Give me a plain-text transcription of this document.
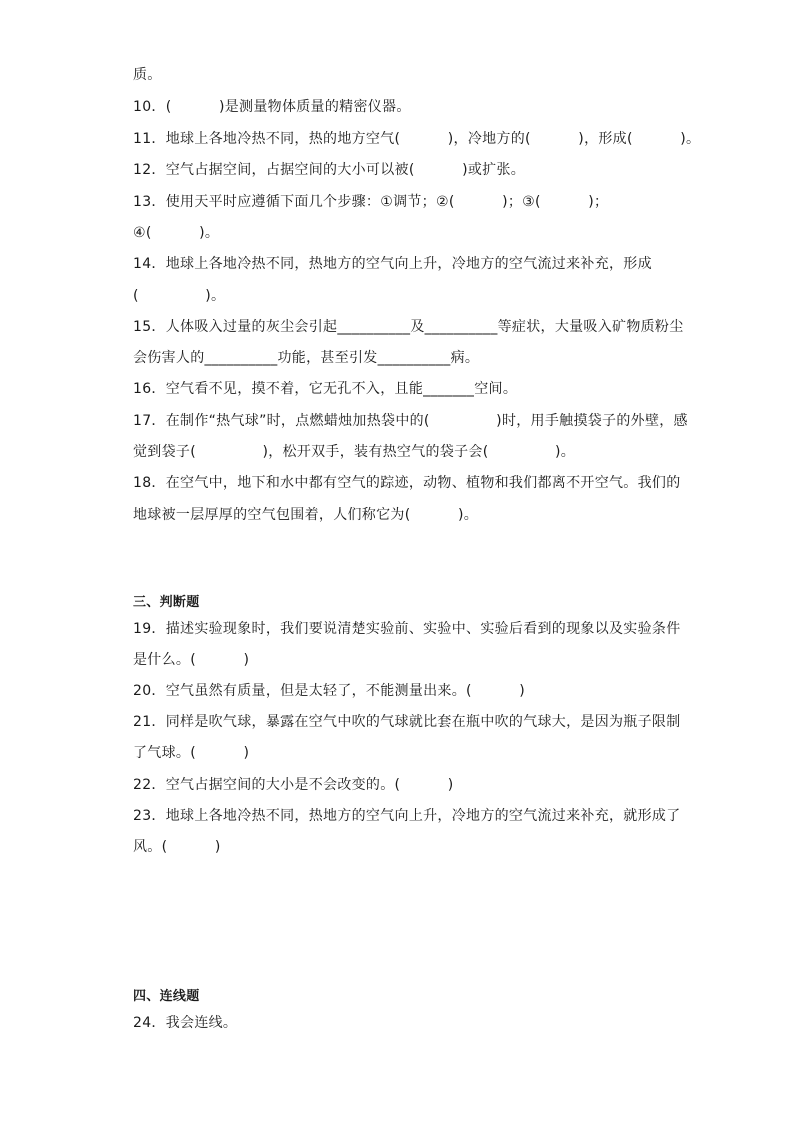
质。
10．(          )是测量物体质量的精密仪器。
11．地球上各地冷热不同，热的地方空气(          )，冷地方的(          )，形成(          )。
12．空气占据空间，占据空间的大小可以被(          )或扩张。
13．使用天平时应遵循下面几个步骤：①调节；②(          )；③(          )；
④(          )。
14．地球上各地冷热不同，热地方的空气向上升，冷地方的空气流过来补充，形成
(              )。
15．人体吸入过量的灰尘会引起__________及__________等症状，大量吸入矿物质粉尘
会伤害人的__________功能，甚至引发__________病。
16．空气看不见，摸不着，它无孔不入，且能_______空间。
17．在制作“热气球”时，点燃蜡烛加热袋中的(              )时，用手触摸袋子的外壁，感
觉到袋子(              )，松开双手，装有热空气的袋子会(              )。
18．在空气中，地下和水中都有空气的踪迹，动物、植物和我们都离不开空气。我们的
地球被一层厚厚的空气包围着，人们称它为(          )。
三、判断题
19．描述实验现象时，我们要说清楚实验前、实验中、实验后看到的现象以及实验条件
是什么。(          )
20．空气虽然有质量，但是太轻了，不能测量出来。(          )
21．同样是吹气球，暴露在空气中吹的气球就比套在瓶中吹的气球大，是因为瓶子限制
了气球。(          )
22．空气占据空间的大小是不会改变的。(          )
23．地球上各地冷热不同，热地方的空气向上升，冷地方的空气流过来补充，就形成了
风。(          )
四、连线题
24．我会连线。
